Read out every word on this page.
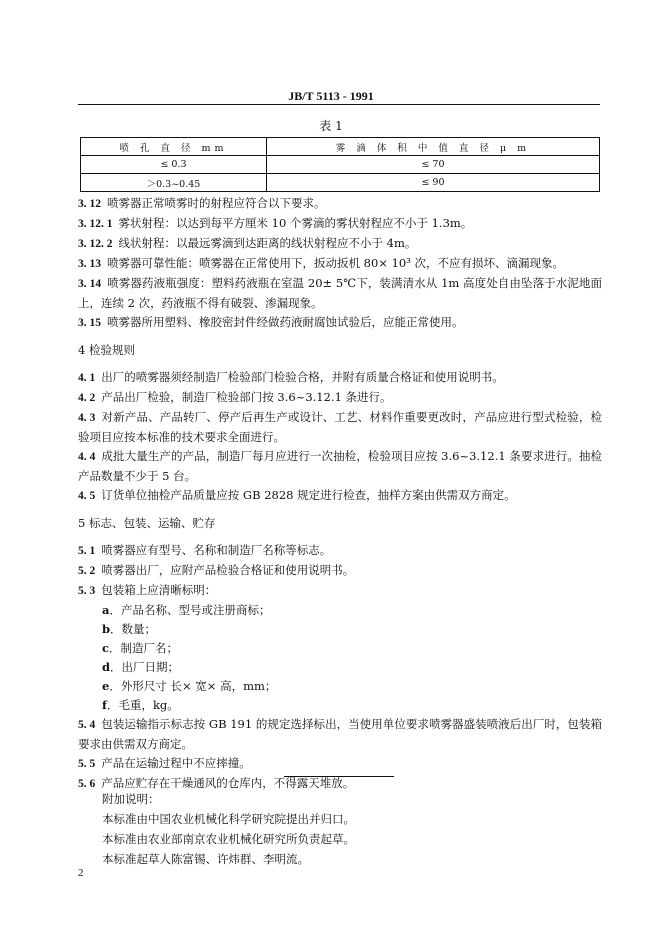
JB/T 5113 - 1991
表 1
喷 孔 直 径 mm	雾 滴 体 积 中 值 直 径 μ m
≤ 0.3	≤ 70
＞0.3~0.45	≤ 90

3. 12 喷雾器正常喷雾时的射程应符合以下要求。

3. 12. 1 雾状射程：以达到每平方厘米 10 个雾滴的雾状射程应不小于 1.3m。

3. 12. 2 线状射程：以最远雾滴到达距离的线状射程应不小于 4m。

3. 13 喷雾器可靠性能：喷雾器在正常使用下，扳动扳机 80× 10³ 次，不应有损坏、滴漏现象。

3. 14 喷雾器药液瓶强度：塑料药液瓶在室温 20± 5℃下，装满清水从 1m 高度处自由坠落于水泥地面上，连续 2 次，药液瓶不得有破裂、渗漏现象。

3. 15 喷雾器所用塑料、橡胶密封件经做药液耐腐蚀试验后，应能正常使用。

4 检验规则

4. 1 出厂的喷雾器须经制造厂检验部门检验合格，并附有质量合格证和使用说明书。

4. 2 产品出厂检验，制造厂检验部门按 3.6~3.12.1 条进行。

4. 3 对新产品、产品转厂、停产后再生产或设计、工艺、材料作重要更改时，产品应进行型式检验，检验项目应按本标准的技术要求全面进行。

4. 4 成批大量生产的产品，制造厂每月应进行一次抽检，检验项目应按 3.6~3.12.1 条要求进行。抽检产品数量不少于 5 台。

4. 5 订货单位抽检产品质量应按 GB 2828 规定进行检查，抽样方案由供需双方商定。

5 标志、包装、运输、贮存

5. 1 喷雾器应有型号、名称和制造厂名称等标志。

5. 2 喷雾器出厂，应附产品检验合格证和使用说明书。

5. 3 包装箱上应清晰标明：

a．产品名称、型号或注册商标；

b．数量；

c．制造厂名；

d．出厂日期；

e．外形尺寸 长× 宽× 高，mm；

f．毛重，kg。

5. 4 包装运输指示标志按 GB 191 的规定选择标出，当使用单位要求喷雾器盛装喷液后出厂时，包装箱要求由供需双方商定。

5. 5 产品在运输过程中不应摔撞。

5. 6 产品应贮存在干燥通风的仓库内，不得露天堆放。

附加说明：
本标准由中国农业机械化科学研究院提出并归口。
本标准由农业部南京农业机械化研究所负责起草。
本标准起草人陈富锡、许炜群、李明流。
2
